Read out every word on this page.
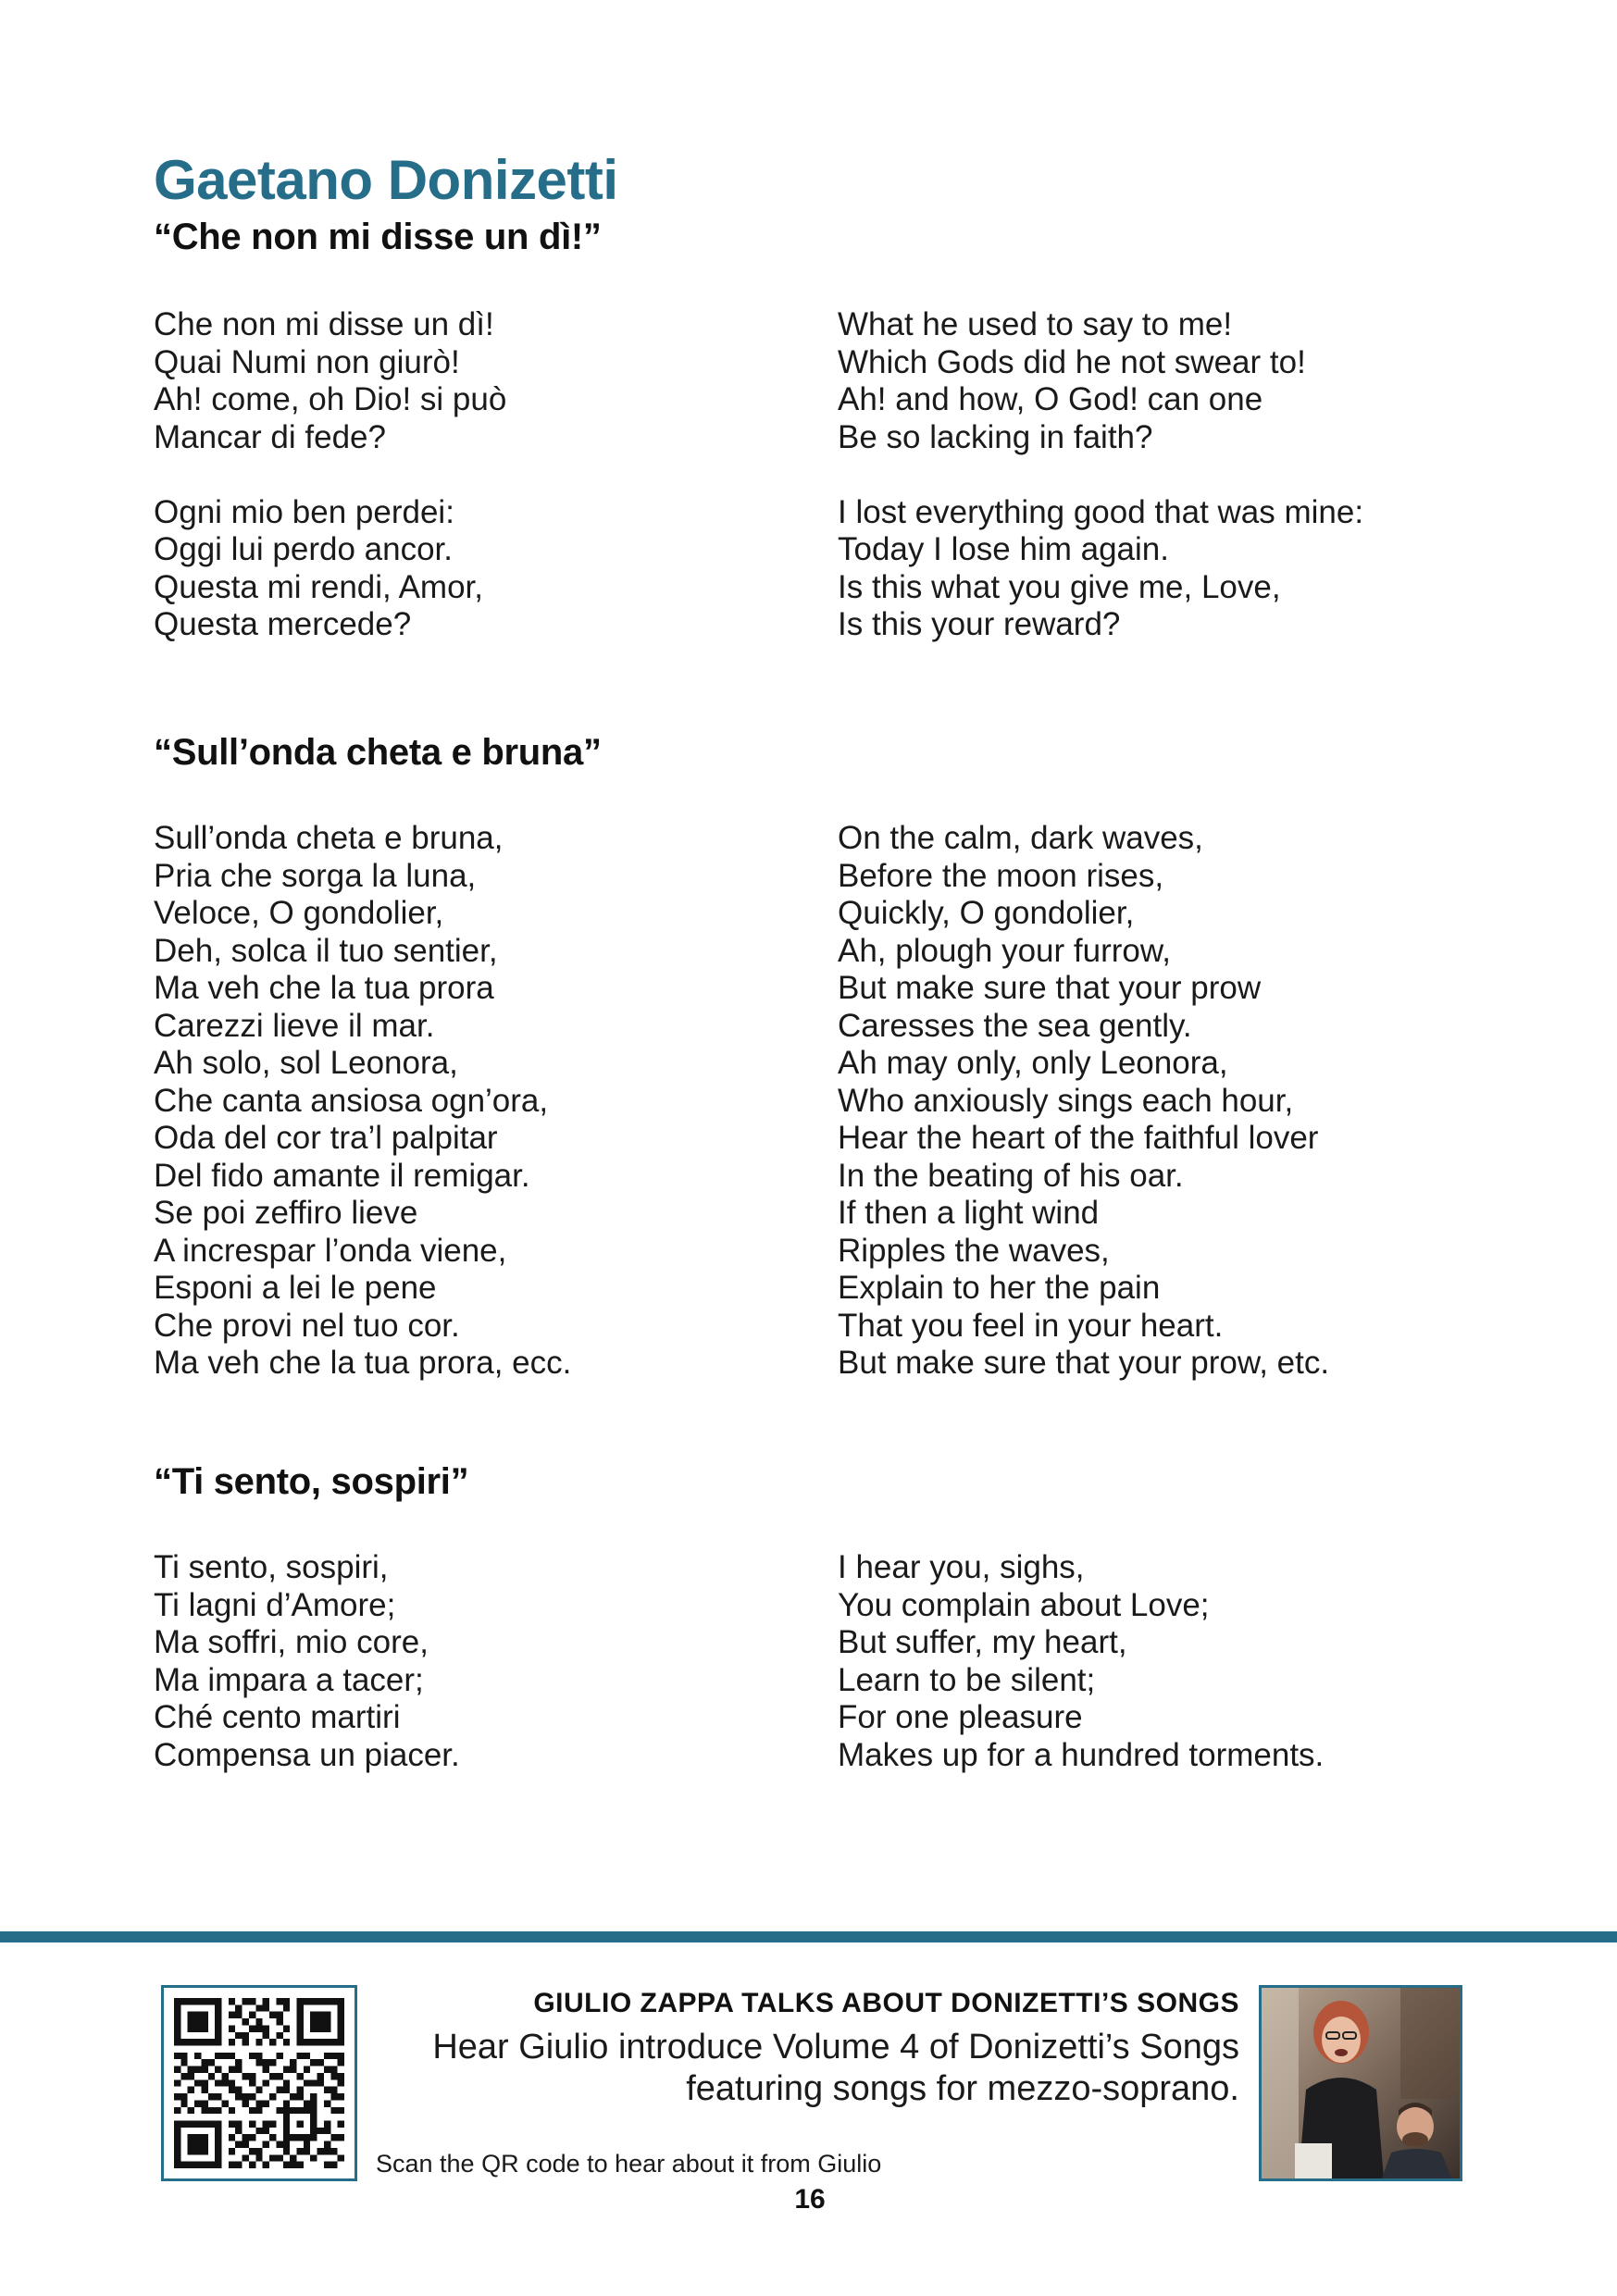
Gaetano Donizetti
“Che non mi disse un dì!”
Che non mi disse un dì!
Quai Numi non giurò!
Ah! come, oh Dio! si può
Mancar di fede?
Ogni mio ben perdei:
Oggi lui perdo ancor.
Questa mi rendi, Amor,
Questa mercede?
What he used to say to me!
Which Gods did he not swear to!
Ah! and how, O God! can one
Be so lacking in faith?
I lost everything good that was mine:
Today I lose him again.
Is this what you give me, Love,
Is this your reward?
“Sull’onda cheta e bruna”
Sull’onda cheta e bruna,
Pria che sorga la luna,
Veloce, O gondolier,
Deh, solca il tuo sentier,
Ma veh che la tua prora
Carezzi lieve il mar.
Ah solo, sol Leonora,
Che canta ansiosa ogn’ora,
Oda del cor tra’l palpitar
Del fido amante il remigar.
Se poi zeffiro lieve
A increspar l’onda viene,
Esponi a lei le pene
Che provi nel tuo cor.
Ma veh che la tua prora, ecc.
On the calm, dark waves,
Before the moon rises,
Quickly, O gondolier,
Ah, plough your furrow,
But make sure that your prow
Caresses the sea gently.
Ah may only, only Leonora,
Who anxiously sings each hour,
Hear the heart of the faithful lover
In the beating of his oar.
If then a light wind
Ripples the waves,
Explain to her the pain
That you feel in your heart.
But make sure that your prow, etc.
“Ti sento, sospiri”
Ti sento, sospiri,
Ti lagni d’Amore;
Ma soffri, mio core,
Ma impara a tacer;
Ché cento martiri
Compensa un piacer.
I hear you, sighs,
You complain about Love;
But suffer, my heart,
Learn to be silent;
For one pleasure
Makes up for a hundred torments.
GIULIO ZAPPA TALKS ABOUT DONIZETTI’S SONGS
Hear Giulio introduce Volume 4 of Donizetti’s Songs
featuring songs for mezzo-soprano.
Scan the QR code to hear about it from Giulio
16
